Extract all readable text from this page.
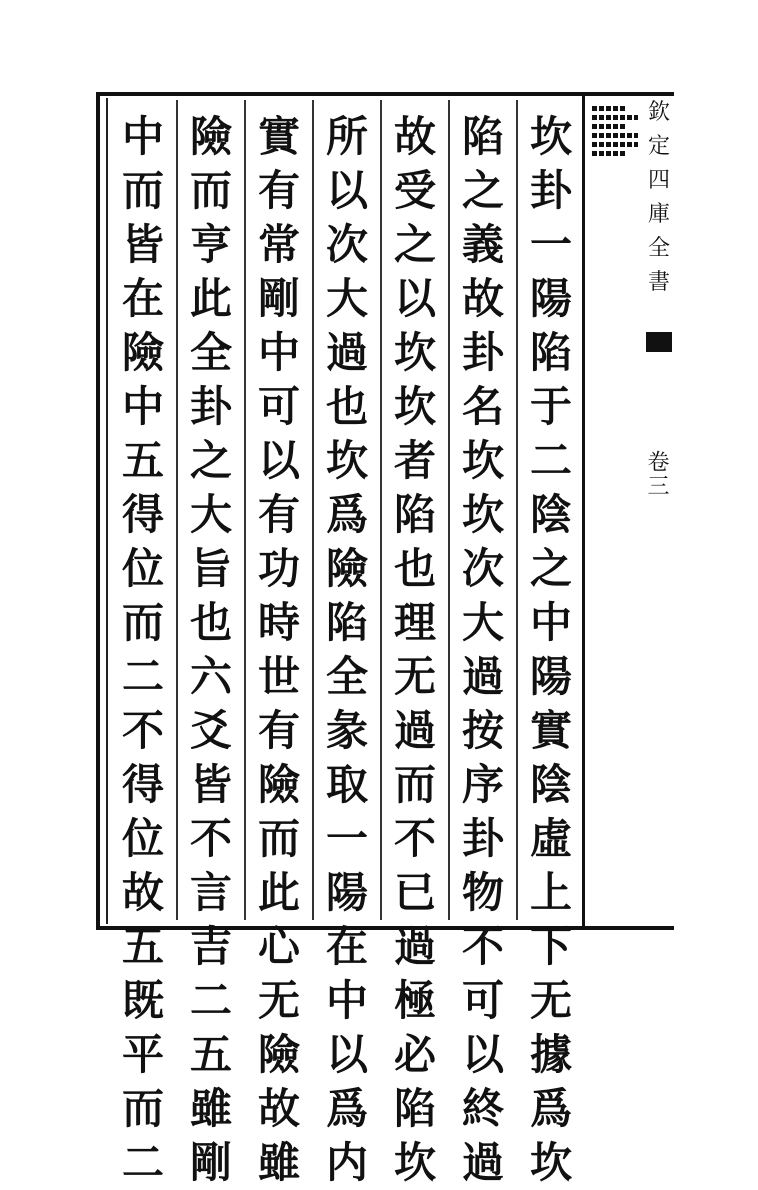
坎
卦
一
陽
陷
于
二
陰
之
中
陽
實
陰
虛
上
下
无
據
爲
坎
陷
之
義
故
卦
名
坎
坎
次
大
過
按
序
卦
物
不
可
以
終
過
故
受
之
以
坎
坎
者
陷
也
理
无
過
而
不
已
過
極
必
陷
坎
所
以
次
大
過
也
坎
爲
險
陷
全
彖
取
一
陽
在
中
以
爲
内
實
有
常
剛
中
可
以
有
功
時
世
有
險
而
此
心
无
險
故
雖
險
而
亨
此
全
卦
之
大
旨
也
六
爻
皆
不
言
吉
二
五
雖
剛
中
而
皆
在
險
中
五
得
位
而
二
不
得
位
故
五
既
平
而
二
欽
定
四
庫
全
書
卷三
